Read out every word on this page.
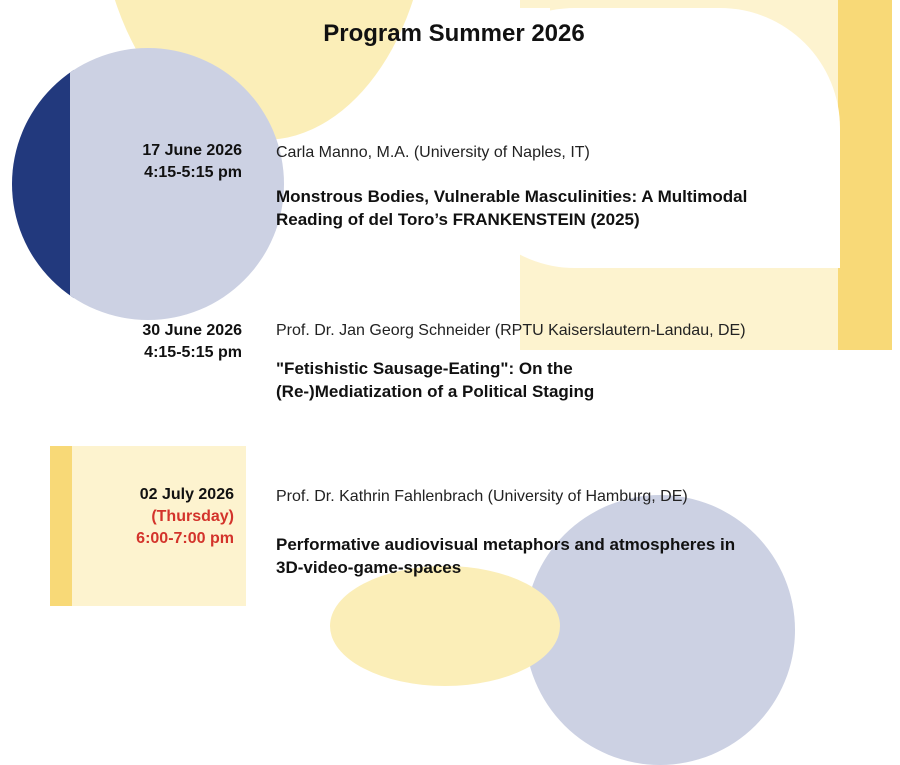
Program Summer 2026
17 June 2026
4:15-5:15 pm
Carla Manno, M.A. (University of Naples, IT)
Monstrous Bodies, Vulnerable Masculinities: A Multimodal
Reading of del Toro’s FRANKENSTEIN (2025)
30 June 2026
4:15-5:15 pm
Prof. Dr. Jan Georg Schneider (RPTU Kaiserslautern-Landau, DE)
"Fetishistic Sausage-Eating": On the
(Re-)Mediatization of a Political Staging
02 July 2026
(Thursday)
6:00-7:00 pm
Prof. Dr. Kathrin Fahlenbrach (University of Hamburg, DE)
Performative audiovisual metaphors and atmospheres in
3D-video-game-spaces
